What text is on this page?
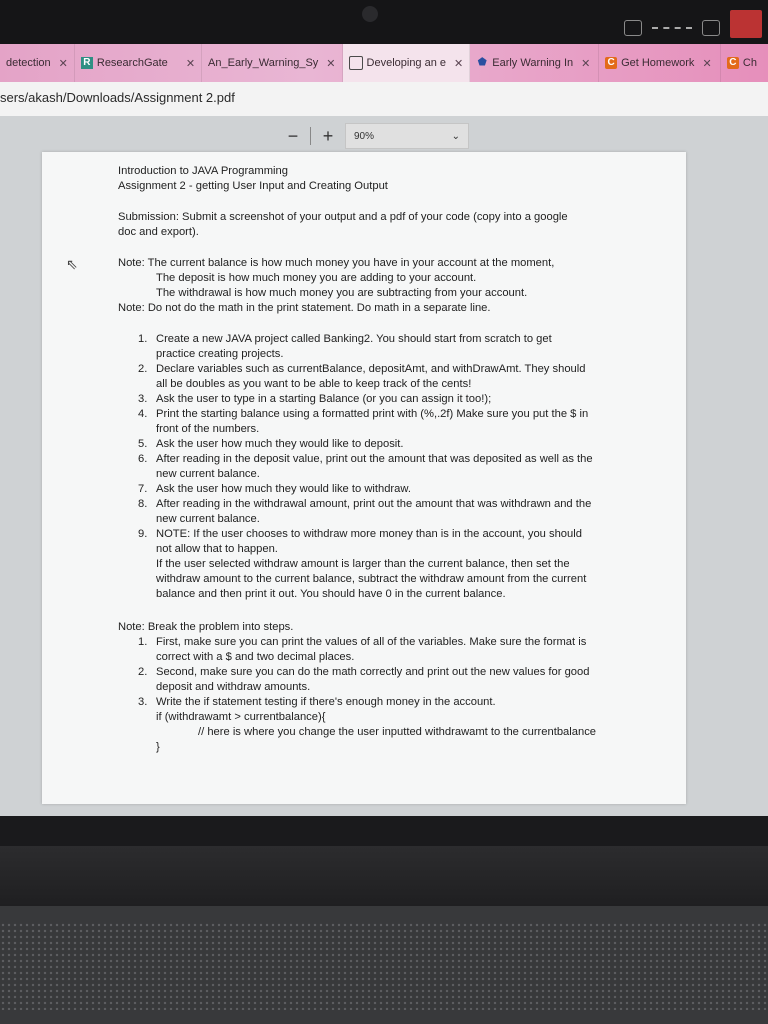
detection ✕ R ResearchGate ✕ An_Early_Warning_Sy ✕	Developing an e ✕ ⬟ Early Warning In ✕ C Get Homework ✕ C Ch
sers/akash/Downloads/Assignment 2.pdf
−	+	90%	⌄

Introduction to JAVA Programming

Assignment 2 - getting User Input and Creating Output

Submission: Submit a screenshot of your output and a pdf of your code (copy into a google

doc and export).

Note: The current balance is how much money you have in your account at the moment,

The deposit is how much money you are adding to your account.

The withdrawal is how much money you are subtracting from your account.

Note: Do not do the math in the print statement. Do math in a separate line.

1. Create a new JAVA project called Banking2. You should start from scratch to get
practice creating projects.
2. Declare variables such as currentBalance, depositAmt, and withDrawAmt. They should
all be doubles as you want to be able to keep track of the cents!
3. Ask the user to type in a starting Balance (or you can assign it too!);
4. Print the starting balance using a formatted print with (%,.2f) Make sure you put the $ in
front of the numbers.
5. Ask the user how much they would like to deposit.
6. After reading in the deposit value, print out the amount that was deposited as well as the
new current balance.
7. Ask the user how much they would like to withdraw.
8. After reading in the withdrawal amount, print out the amount that was withdrawn and the
new current balance.
9. NOTE: If the user chooses to withdraw more money than is in the account, you should
not allow that to happen.
If the user selected withdraw amount is larger than the current balance, then set the
withdraw amount to the current balance, subtract the withdraw amount from the current
balance and then print it out. You should have 0 in the current balance.

Note: Break the problem into steps.

1. First, make sure you can print the values of all of the variables. Make sure the format is
correct with a $ and two decimal places.
2. Second, make sure you can do the math correctly and print out the new values for good
deposit and withdraw amounts.
3. Write the if statement testing if there's enough money in the account.

if (withdrawamt > currentbalance){

// here is where you change the user inputted withdrawamt to the currentbalance

}

⇖
